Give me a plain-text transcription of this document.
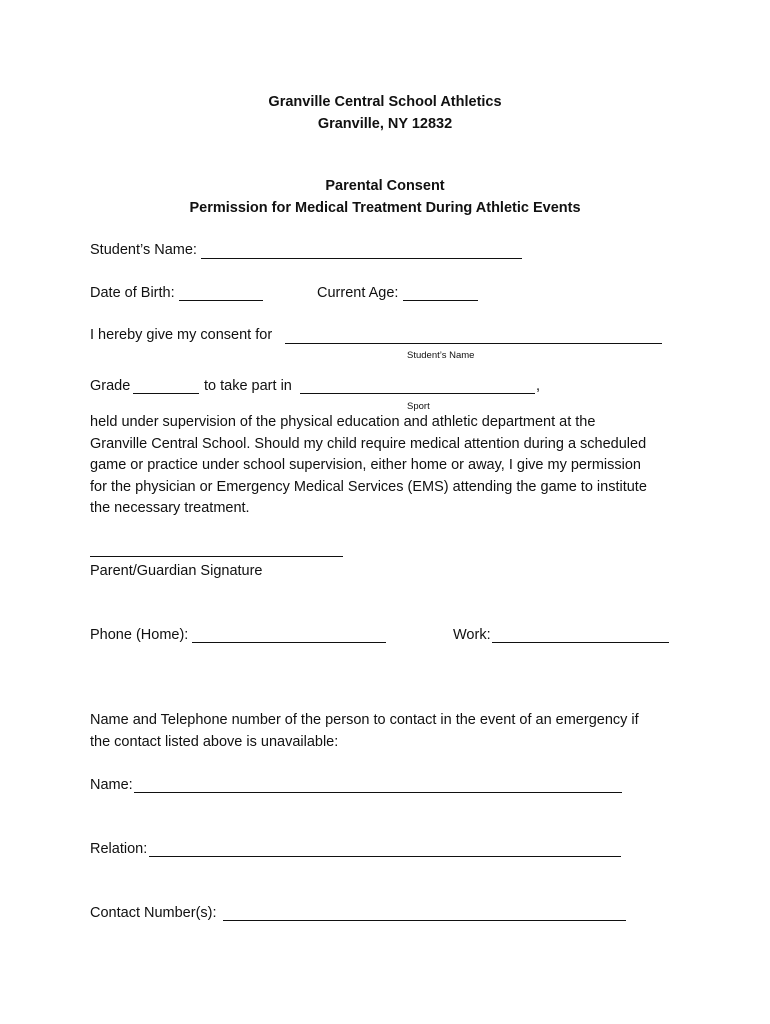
Granville Central School Athletics
Granville, NY 12832
Parental Consent
Permission for Medical Treatment During Athletic Events
Student’s Name:
Date of Birth:	Current Age:
I hereby give my consent for
Student’s Name
Grade	to take part in	,
Sport
held under supervision of the physical education and athletic department at the
Granville Central School. Should my child require medical attention during a scheduled
game or practice under school supervision, either home or away, I give my permission
for the physician or Emergency Medical Services (EMS) attending the game to institute
the necessary treatment.
Parent/Guardian Signature
Phone (Home):	Work:
Name and Telephone number of the person to contact in the event of an emergency if
the contact listed above is unavailable:
Name:
Relation:
Contact Number(s):
